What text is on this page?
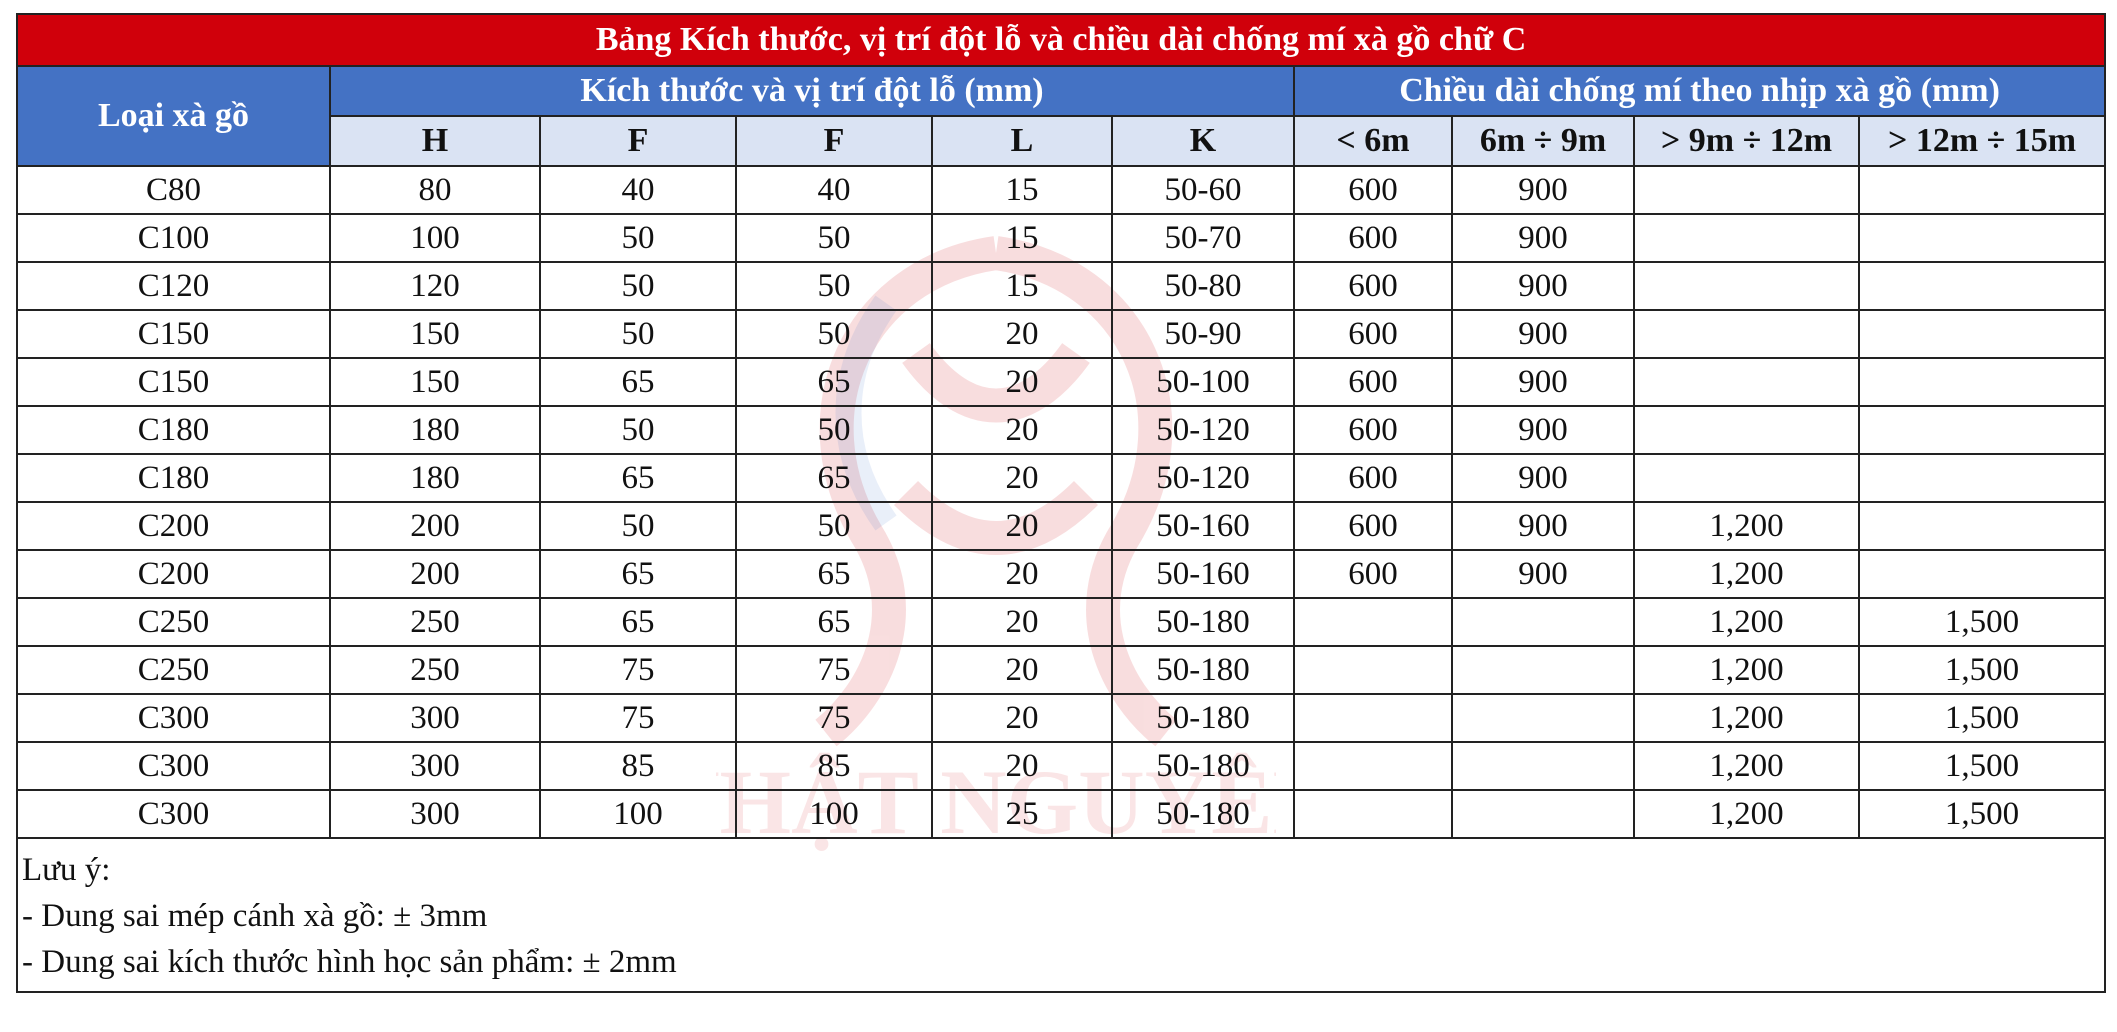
HẬT NGUYÊ
Bảng Kích thước, vị trí đột lỗ và chiều dài chống mí xà gồ chữ C									
Loại xà gồ	Kích thước và vị trí đột lỗ (mm)					Chiều dài chống mí theo nhịp xà gồ (mm)			
	H	F	F	L	K	< 6m	6m ÷ 9m	> 9m ÷ 12m	> 12m ÷ 15m
C80	80	40	40	15	50-60	600	900		
C100	100	50	50	15	50-70	600	900		
C120	120	50	50	15	50-80	600	900		
C150	150	50	50	20	50-90	600	900		
C150	150	65	65	20	50-100	600	900		
C180	180	50	50	20	50-120	600	900		
C180	180	65	65	20	50-120	600	900		
C200	200	50	50	20	50-160	600	900	1,200	
C200	200	65	65	20	50-160	600	900	1,200	
C250	250	65	65	20	50-180			1,200	1,500
C250	250	75	75	20	50-180			1,200	1,500
C300	300	75	75	20	50-180			1,200	1,500
C300	300	85	85	20	50-180			1,200	1,500
C300	300	100	100	25	50-180			1,200	1,500

Lưu ý:
- Dung sai mép cánh xà gồ: ± 3mm
- Dung sai kích thước hình học sản phẩm: ± 2mm									
